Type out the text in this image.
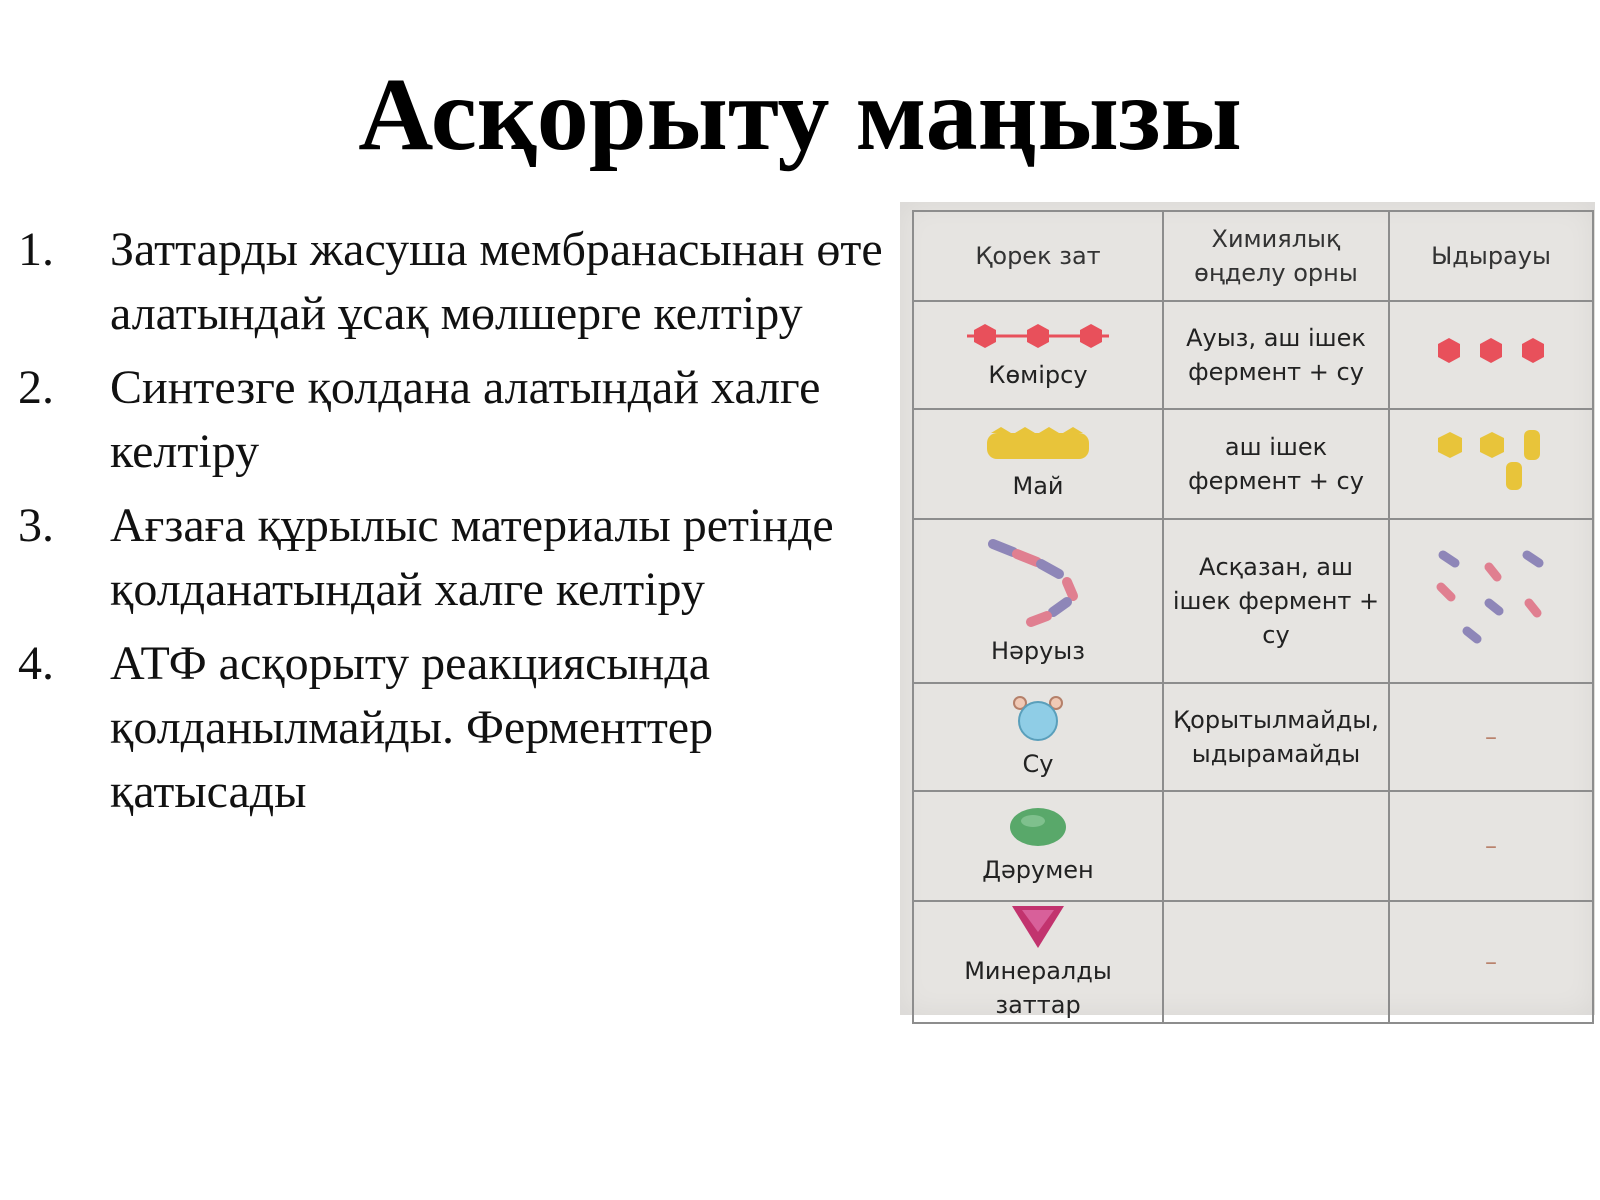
Асқорыту маңызы
1. Заттарды жасуша мембранасынан өте алатындай ұсақ мөлшерге келтіру
2. Синтезге қолдана алатындай халге келтіру
3. Ағзаға құрылыс материалы ретінде қолданатындай халге келтіру
4. АТФ асқорыту реакциясында қолданылмайды. Ферменттер қатысады
Қорек зат	Химиялық өңделу орны	Ыдырауы

Көмірсу	Ауыз, аш ішек фермент + су	

Май	аш ішек фермент + су	

Нәруыз	Асқазан, аш ішек фермент + су	

Су	Қорытылмайды, ыдырамайды	–

Дәрумен		–

Минералды заттар		–
